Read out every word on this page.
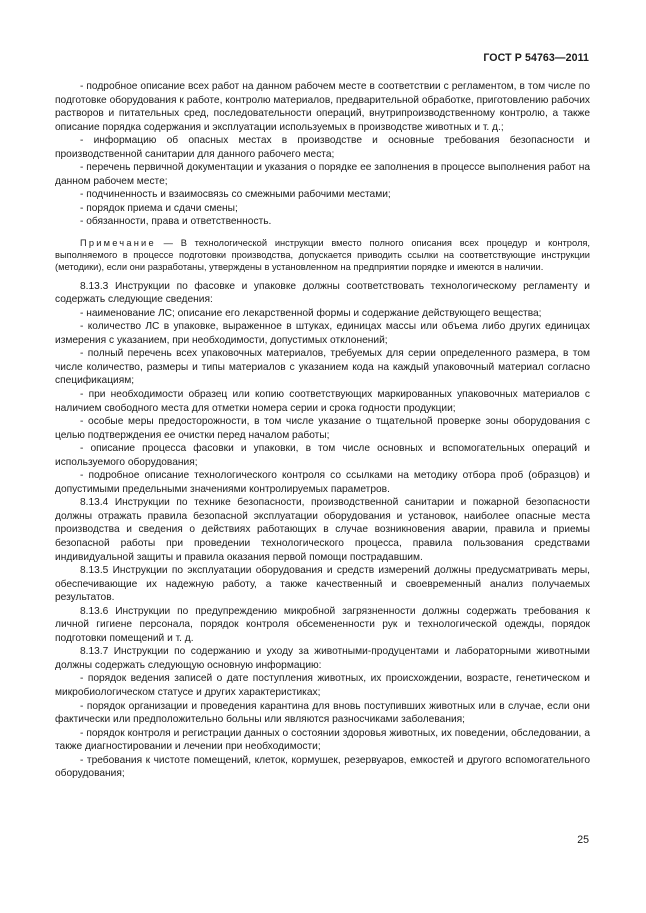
ГОСТ Р 54763—2011

- подробное описание всех работ на данном рабочем месте в соответствии с регламентом, в том числе по подготовке оборудования к работе, контролю материалов, предварительной обработке, приготовлению рабочих растворов и питательных сред, последовательности операций, внутрипроизводственному контролю, а также описание порядка содержания и эксплуатации используемых в производстве животных и т. д.;

- информацию об опасных местах в производстве и основные требования безопасности и производственной санитарии для данного рабочего места;

- перечень первичной документации и указания о порядке ее заполнения в процессе выполнения работ на данном рабочем месте;

- подчиненность и взаимосвязь со смежными рабочими местами;

- порядок приема и сдачи смены;

- обязанности, права и ответственность.

Примечание — В технологической инструкции вместо полного описания всех процедур и контроля, выполняемого в процессе подготовки производства, допускается приводить ссылки на соответствующие инструкции (методики), если они разработаны, утверждены в установленном на предприятии порядке и имеются в наличии.

8.13.3 Инструкции по фасовке и упаковке должны соответствовать технологическому регламенту и содержать следующие сведения:

- наименование ЛС; описание его лекарственной формы и содержание действующего вещества;

- количество ЛС в упаковке, выраженное в штуках, единицах массы или объема либо других единицах измерения с указанием, при необходимости, допустимых отклонений;

- полный перечень всех упаковочных материалов, требуемых для серии определенного размера, в том числе количество, размеры и типы материалов с указанием кода на каждый упаковочный материал согласно спецификациям;

- при необходимости образец или копию соответствующих маркированных упаковочных материалов с наличием свободного места для отметки номера серии и срока годности продукции;

- особые меры предосторожности, в том числе указание о тщательной проверке зоны оборудования с целью подтверждения ее очистки перед началом работы;

- описание процесса фасовки и упаковки, в том числе основных и вспомогательных операций и используемого оборудования;

- подробное описание технологического контроля со ссылками на методику отбора проб (образцов) и допустимыми предельными значениями контролируемых параметров.

8.13.4 Инструкции по технике безопасности, производственной санитарии и пожарной безопасности должны отражать правила безопасной эксплуатации оборудования и установок, наиболее опасные места производства и сведения о действиях работающих в случае возникновения аварии, правила и приемы безопасной работы при проведении технологического процесса, правила пользования средствами индивидуальной защиты и правила оказания первой помощи пострадавшим.

8.13.5 Инструкции по эксплуатации оборудования и средств измерений должны предусматривать меры, обеспечивающие их надежную работу, а также качественный и своевременный анализ получаемых результатов.

8.13.6 Инструкции по предупреждению микробной загрязненности должны содержать требования к личной гигиене персонала, порядок контроля обсемененности рук и технологической одежды, порядок подготовки помещений и т. д.

8.13.7 Инструкции по содержанию и уходу за животными-продуцентами и лабораторными животными должны содержать следующую основную информацию:

- порядок ведения записей о дате поступления животных, их происхождении, возрасте, генетическом и микробиологическом статусе и других характеристиках;

- порядок организации и проведения карантина для вновь поступивших животных или в случае, если они фактически или предположительно больны или являются разносчиками заболевания;

- порядок контроля и регистрации данных о состоянии здоровья животных, их поведении, обследовании, а также диагностировании и лечении при необходимости;

- требования к чистоте помещений, клеток, кормушек, резервуаров, емкостей и другого вспомогательного оборудования;

25
